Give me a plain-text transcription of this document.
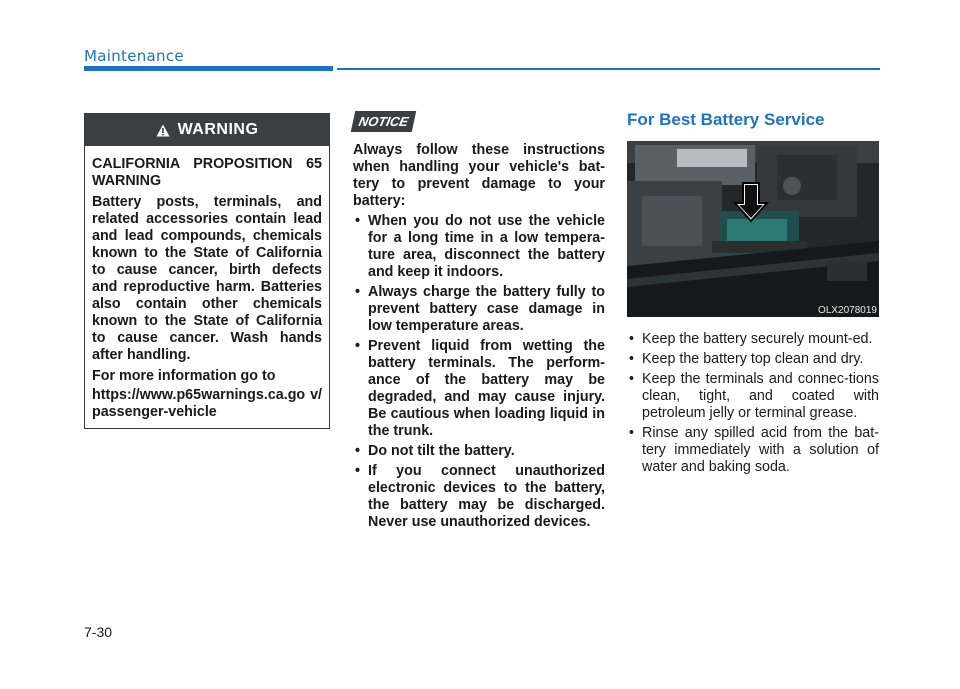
Maintenance
WARNING

CALIFORNIA PROPOSITION 65 WARNING

Battery posts, terminals, and related accessories contain lead and lead compounds, chemicals known to the State of California to cause cancer, birth defects and reproductive harm. Batteries also contain other chemicals known to the State of California to cause cancer. Wash hands after handling.

For more information go to

https://www.p65warnings.ca.go v/passenger-vehicle

NOTICE

Always follow these instructions when handling your vehicle's bat-tery to prevent damage to your battery:

• When you do not use the vehicle for a long time in a low tempera-ture area, disconnect the battery and keep it indoors.
• Always charge the battery fully to prevent battery case damage in low temperature areas.
• Prevent liquid from wetting the battery terminals. The perform-ance of the battery may be degraded, and may cause injury. Be cautious when loading liquid in the trunk.
• Do not tilt the battery.
• If you connect unauthorized electronic devices to the battery, the battery may be discharged. Never use unauthorized devices.
For Best Battery Service
OLX2078019
• Keep the battery securely mount-ed.
• Keep the battery top clean and dry.
• Keep the terminals and connec-tions clean, tight, and coated with petroleum jelly or terminal grease.
• Rinse any spilled acid from the bat-tery immediately with a solution of water and baking soda.
7-30
